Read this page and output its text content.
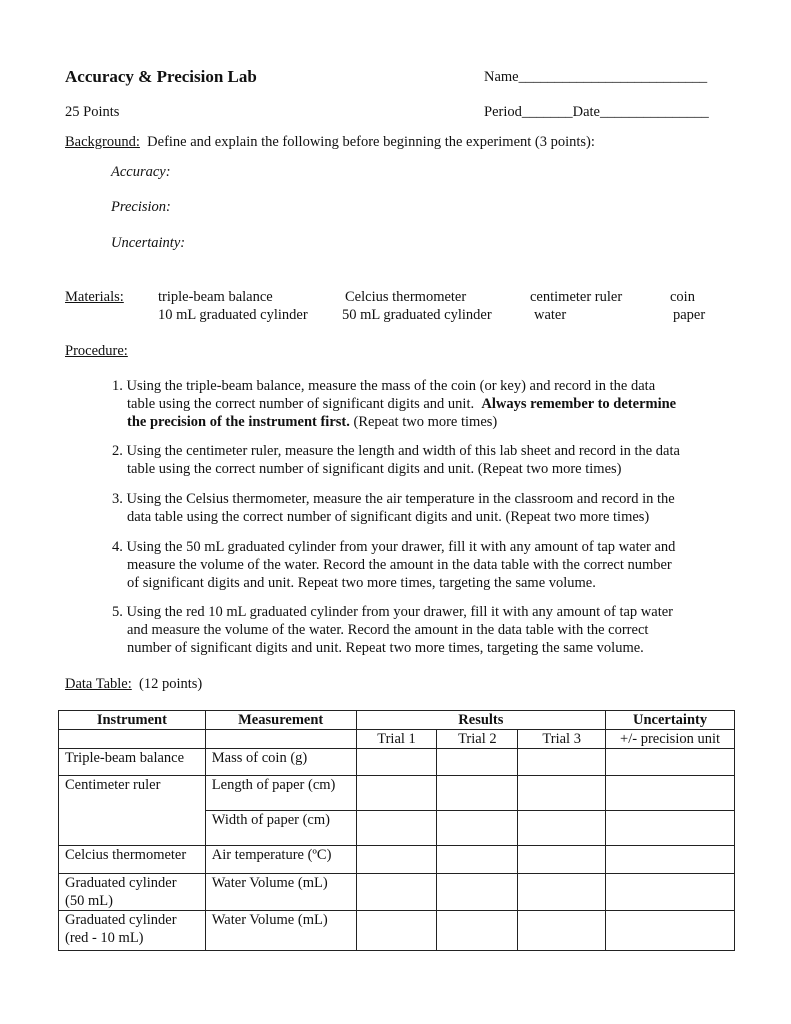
Accuracy & Precision Lab	Name__________________________
25 Points	Period_______Date_______________
Background: Define and explain the following before beginning the experiment (3 points):
Accuracy:
Precision:
Uncertainty:
Materials: triple-beam balance	Celcius thermometer	centimeter ruler	coin
10 mL graduated cylinder 50 mL graduated cylinder	water	paper
Procedure:
1. Using the triple-beam balance, measure the mass of the coin (or key) and record in the data
table using the correct number of significant digits and unit. Always remember to determine
the precision of the instrument first. (Repeat two more times)
2. Using the centimeter ruler, measure the length and width of this lab sheet and record in the data
table using the correct number of significant digits and unit. (Repeat two more times)
3. Using the Celsius thermometer, measure the air temperature in the classroom and record in the
data table using the correct number of significant digits and unit. (Repeat two more times)
4. Using the 50 mL graduated cylinder from your drawer, fill it with any amount of tap water and
measure the volume of the water. Record the amount in the data table with the correct number
of significant digits and unit. Repeat two more times, targeting the same volume.
5. Using the red 10 mL graduated cylinder from your drawer, fill it with any amount of tap water
and measure the volume of the water. Record the amount in the data table with the correct
number of significant digits and unit. Repeat two more times, targeting the same volume.
Data Table: (12 points)
Instrument	Measurement	Results			Uncertainty
		Trial 1	Trial 2	Trial 3	+/- precision unit
Triple-beam balance	Mass of coin (g)				
Centimeter ruler	Length of paper (cm)				
	Width of paper (cm)				
Celcius thermometer	Air temperature (ºC)				
Graduated cylinder (50 mL)	Water Volume (mL)				
Graduated cylinder (red - 10 mL)	Water Volume (mL)				
